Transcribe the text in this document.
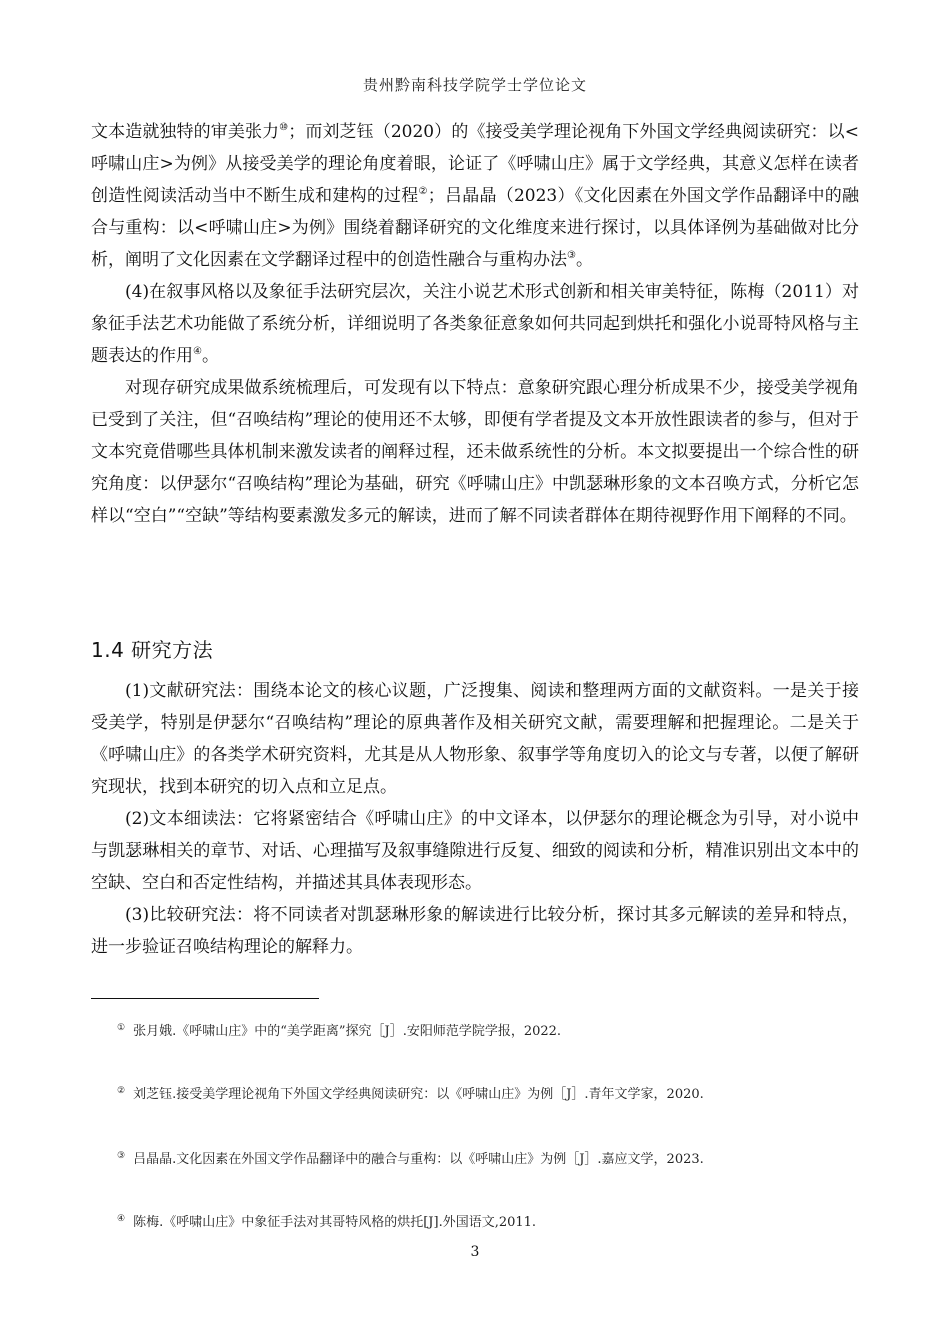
贵州黔南科技学院学士学位论文

文本造就独特的审美张力⑩；而刘芝钰（2020）的《接受美学理论视角下外国文学经典阅读研究：以<呼啸山庄>为例》从接受美学的理论角度着眼，论证了《呼啸山庄》属于文学经典，其意义怎样在读者创造性阅读活动当中不断生成和建构的过程②；吕晶晶（2023）《文化因素在外国文学作品翻译中的融合与重构：以<呼啸山庄>为例》围绕着翻译研究的文化维度来进行探讨，以具体译例为基础做对比分析，阐明了文化因素在文学翻译过程中的创造性融合与重构办法③。

(4)在叙事风格以及象征手法研究层次，关注小说艺术形式创新和相关审美特征，陈梅（2011）对象征手法艺术功能做了系统分析，详细说明了各类象征意象如何共同起到烘托和强化小说哥特风格与主题表达的作用④。

对现存研究成果做系统梳理后，可发现有以下特点：意象研究跟心理分析成果不少，接受美学视角已受到了关注，但“召唤结构”理论的使用还不太够，即便有学者提及文本开放性跟读者的参与，但对于文本究竟借哪些具体机制来激发读者的阐释过程，还未做系统性的分析。本文拟要提出一个综合性的研究角度：以伊瑟尔“召唤结构”理论为基础，研究《呼啸山庄》中凯瑟琳形象的文本召唤方式，分析它怎样以“空白”“空缺”等结构要素激发多元的解读，进而了解不同读者群体在期待视野作用下阐释的不同。

1.4 研究方法

(1)文献研究法：围绕本论文的核心议题，广泛搜集、阅读和整理两方面的文献资料。一是关于接受美学，特别是伊瑟尔“召唤结构”理论的原典著作及相关研究文献，需要理解和把握理论。二是关于《呼啸山庄》的各类学术研究资料，尤其是从人物形象、叙事学等角度切入的论文与专著，以便了解研究现状，找到本研究的切入点和立足点。

(2)文本细读法：它将紧密结合《呼啸山庄》的中文译本，以伊瑟尔的理论概念为引导，对小说中与凯瑟琳相关的章节、对话、心理描写及叙事缝隙进行反复、细致的阅读和分析，精准识别出文本中的空缺、空白和否定性结构，并描述其具体表现形态。

(3)比较研究法：将不同读者对凯瑟琳形象的解读进行比较分析，探讨其多元解读的差异和特点，进一步验证召唤结构理论的解释力。

① 张月娥.《呼啸山庄》中的“美学距离”探究［J］.安阳师范学院学报，2022.
② 刘芝钰.接受美学理论视角下外国文学经典阅读研究：以《呼啸山庄》为例［J］.青年文学家，2020.
③ 吕晶晶.文化因素在外国文学作品翻译中的融合与重构：以《呼啸山庄》为例［J］.嘉应文学，2023.
④ 陈梅.《呼啸山庄》中象征手法对其哥特风格的烘托[J].外国语文,2011.
3
